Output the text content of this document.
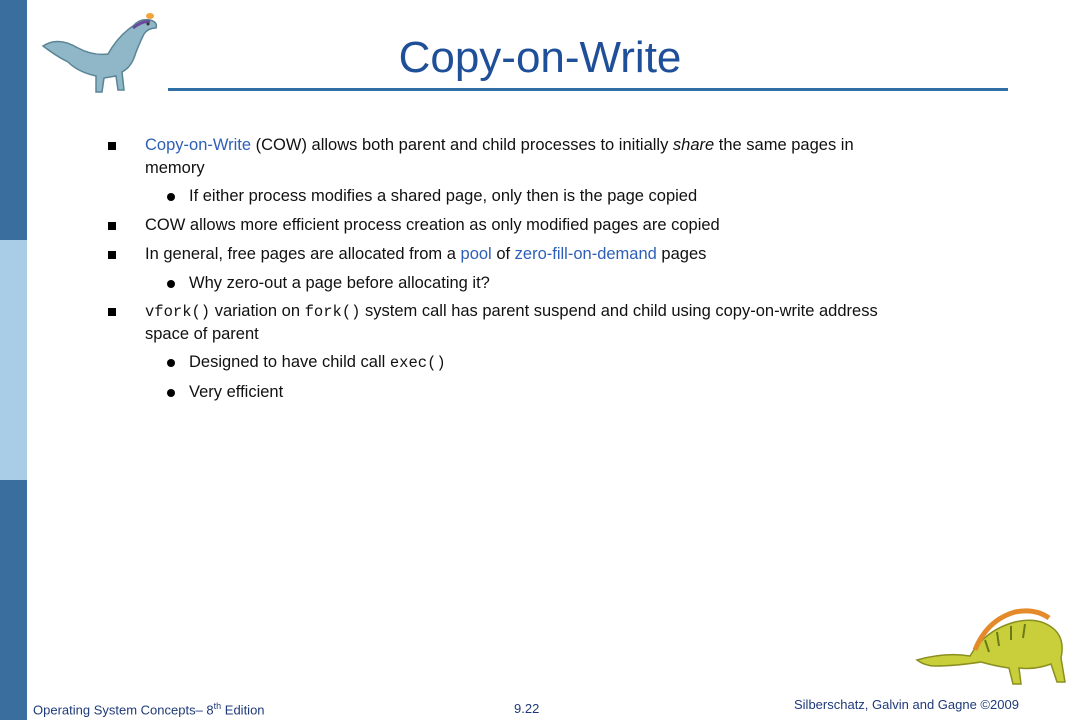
Copy-on-Write
Copy-on-Write (COW) allows both parent and child processes to initially share the same pages in
memory
If either process modifies a shared page, only then is the page copied
COW allows more efficient process creation as only modified pages are copied
In general, free pages are allocated from a pool of zero-fill-on-demand pages
Why zero-out a page before allocating it?
vfork() variation on fork() system call has parent suspend and child using copy-on-write address
space of parent
Designed to have child call exec()
Very efficient
Operating System Concepts– 8th Edition	9.22	Silberschatz, Galvin and Gagne ©2009
